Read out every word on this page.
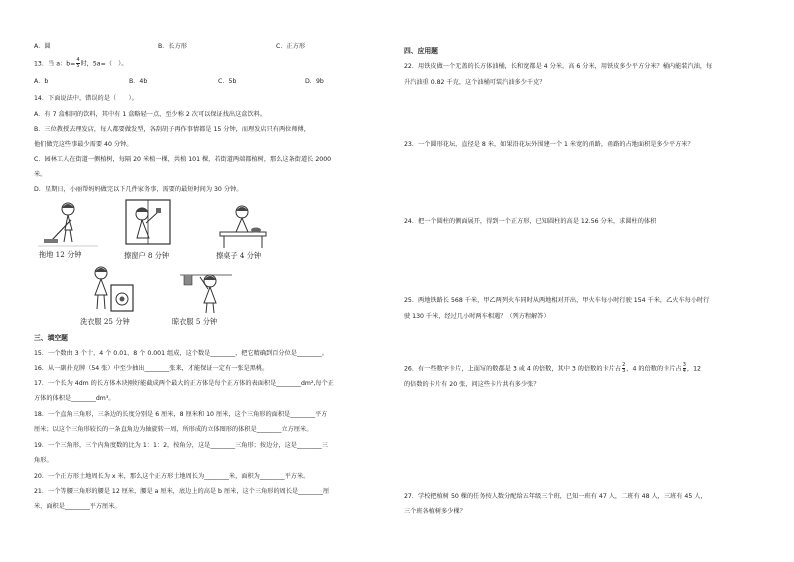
A．圆	B．长方形	C．正方形
13．当 a：$b= \frac{4}{5}$ 时，5a=（　）。
A．b	B．4b	C．5b	D．9b
14．下面说法中，错误的是（　　）。
A．有 7 盒相同的饮料，其中有 1 盒略轻一点，至少称 2 次可以保证找出这盒饮料。
B．三位教授去理发店，每人都要做发型，各刮胡子再作事情都是 15 分钟，而理发店只有两位师傅，
他们做完这些事最少需要 40 分钟。
C．园林工人在街道一侧植树，每隔 20 米植一棵，共植 101 棵，若街道两端都植树，那么这条街道长 2000
米。
D．星期日，小丽帮妈妈做完以下几件家务事，需要的最短时间为 30 分钟。
拖地 12 分钟	擦窗户 8 分钟	擦桌子 4 分钟
洗衣服 25 分钟	晾衣服 5 分钟
三、填空题
15．一个数由 3 个十、4 个 0.01、8 个 0.001 组成，这个数是________，把它精确到百分位是________。
16．从一副扑克牌（54 张）中至少抽出________张来，才能保证一定有一张是黑桃。
17．一个长为 4dm 的长方体木块刚好能截成两个最大的正方体是每个正方体的表面积是________dm²,每个正
方体的体积是________dm³。
18．一个直角三角形，三条边的长度分别是 6 厘米，8 厘米和 10 厘米，这个三角形的面积是________平方
厘米；以这个三角形较长的一条直角边为轴旋转一周，所形成的立体图形的体积是________立方厘米。
19．一个三角形，三个内角度数的比为 1：1：2，按角分，这是________三角形；按边分，这是________三
角形。
20．一个正方形土地周长为 x 米，那么这个正方形土地周长为________米，面积为________平方米。
21．一个等腰三角形的腰是 12 厘米，腰是 a 厘米，底边上的高是 b 厘米，这个三角形的周长是________厘
米，面积是________平方厘米。
四、应用题
22．用铁皮做一个无盖的长方体油桶，长和宽都是 4 分米，高 6 分米，用铁皮多少平方分米？桶内能装汽油，每
升汽油重 0.82 千克，这个油桶可装汽油多少千克？
23．一个圆形花坛，直径是 8 米，如果沿花坛外围建一个 1 米宽的甬路，甬路的占地面积是多少平方米？
24．把一个圆柱的侧面展开，得到一个正方形，已知圆柱的高是 12.56 分米，求圆柱的体积
25．两地铁路长 568 千米，甲乙两列火车同时从两地相对开出，甲火车每小时行驶 154 千米，乙火车每小时行
驶 130 千米，经过几小时两车相遇？（列方程解答）
26．有一些数字卡片，上面写的数都是 3 或 4 的倍数，其中 3 的倍数的卡片占 $\frac{2}{3}$ ，4 的倍数的卡片占 $\frac{3}{4}$ ，12
的倍数的卡片有 20 张，问这些卡片共有多少张？
27．学校把植树 50 棵的任务按人数分配给五年级三个班，已知一班有 47 人，二班有 48 人，三班有 45 人，
三个班各植树多少棵？
